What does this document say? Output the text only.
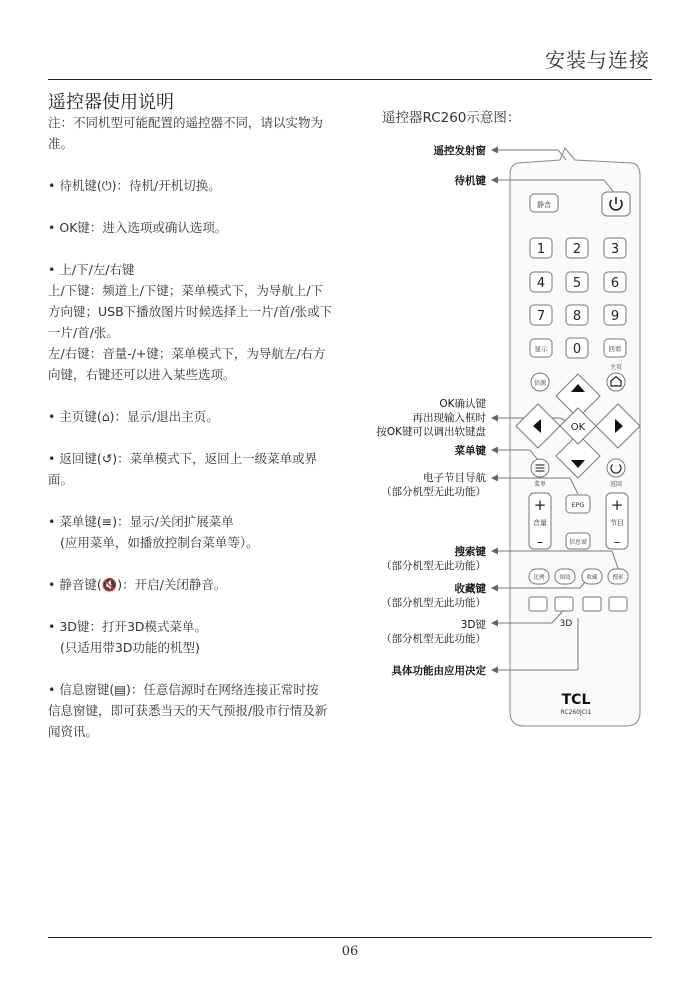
安装与连接
遥控器使用说明

注：不同机型可能配置的遥控器不同，请以实物为

准。

• 待机键(⏻)：待机/开机切换。

• OK键：进入选项或确认选项。

• 上/下/左/右键

上/下键：频道上/下键；菜单模式下，为导航上/下

方向键；USB下播放图片时候选择上一片/首/张或下

一片/首/张。

左/右键：音量-/+键；菜单模式下，为导航左/右方

向键，右键还可以进入某些选项。

• 主页键(⌂)：显示/退出主页。

• 返回键(↺)：菜单模式下，返回上一级菜单或界

面。

• 菜单键(≡)：显示/关闭扩展菜单

(应用菜单，如播放控制台菜单等）。

• 静音键(🔇)：开启/关闭静音。

• 3D键：打开3D模式菜单。

(只适用带3D功能的机型)

• 信息窗键(▤)：任意信源时在网络连接正常时按

信息窗键，即可获悉当天的天气预报/股市行情及新

闻资讯。

遥控器RC260示意图：
遥控发射窗
待机键
OK确认键
再出现输入框时
按OK键可以调出软键盘
菜单键
电子节目导航
（部分机型无此功能）
搜索键
（部分机型无此功能）
收藏键
（部分机型无此功能）
3D键
（部分机型无此功能）
具体功能由应用决定
静音
1 2 3
4 5 6
7 8 9
0
显示	回看
主页
信源
OK
菜单	返回
+
音量
–
EPG +
节目
–
信息窗
比例	图效	收藏	搜索
3D
TCL
RC260JCI1
06
